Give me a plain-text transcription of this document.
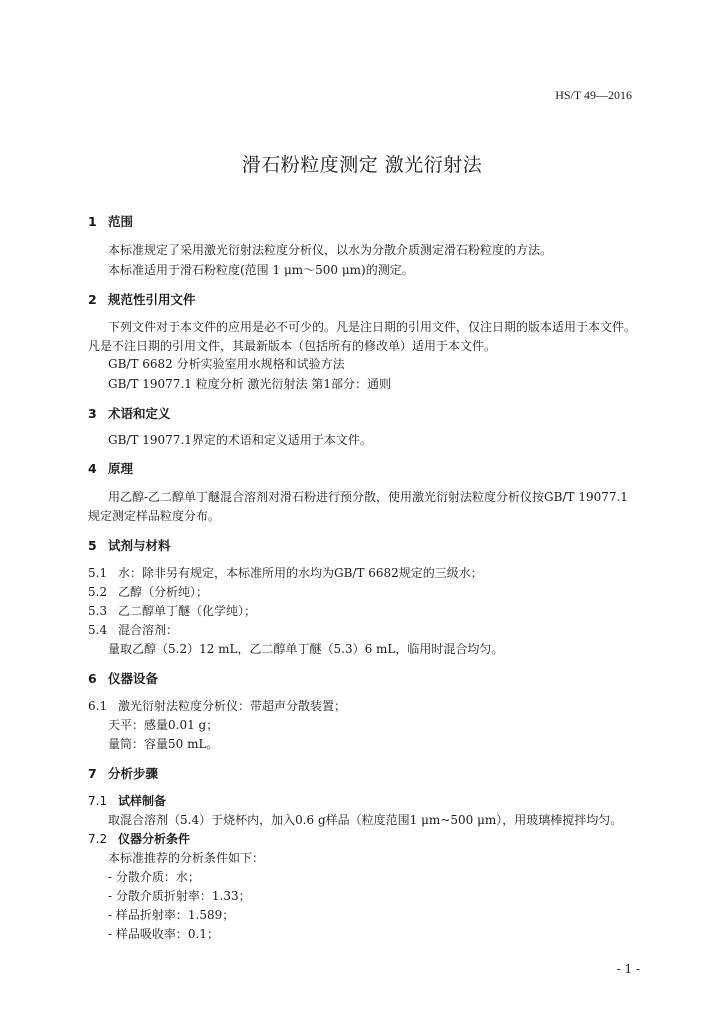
HS/T 49—2016
滑石粉粒度测定 激光衍射法
1 范围
本标准规定了采用激光衍射法粒度分析仪，以水为分散介质测定滑石粉粒度的方法。
本标准适用于滑石粉粒度(范围 1 μm～500 μm)的测定。
2 规范性引用文件
下列文件对于本文件的应用是必不可少的。凡是注日期的引用文件，仅注日期的版本适用于本文件。
凡是不注日期的引用文件，其最新版本（包括所有的修改单）适用于本文件。
GB/T 6682 分析实验室用水规格和试验方法
GB/T 19077.1 粒度分析 激光衍射法 第1部分：通则
3 术语和定义
GB/T 19077.1界定的术语和定义适用于本文件。
4 原理
用乙醇-乙二醇单丁醚混合溶剂对滑石粉进行预分散，使用激光衍射法粒度分析仪按GB/T 19077.1
规定测定样品粒度分布。
5 试剂与材料
5.1 水：除非另有规定，本标准所用的水均为GB/T 6682规定的三级水；
5.2 乙醇（分析纯）；
5.3 乙二醇单丁醚（化学纯）；
5.4 混合溶剂：
量取乙醇（5.2）12 mL，乙二醇单丁醚（5.3）6 mL，临用时混合均匀。
6 仪器设备
6.1 激光衍射法粒度分析仪：带超声分散装置；
天平：感量0.01 g；
量筒：容量50 mL。
7 分析步骤
7.1 试样制备
取混合溶剂（5.4）于烧杯内，加入0.6 g样品（粒度范围1 μm~500 μm），用玻璃棒搅拌均匀。
7.2 仪器分析条件
本标准推荐的分析条件如下：
- 分散介质：水；
- 分散介质折射率：1.33；
- 样品折射率：1.589；
- 样品吸收率：0.1；
- 1 -
